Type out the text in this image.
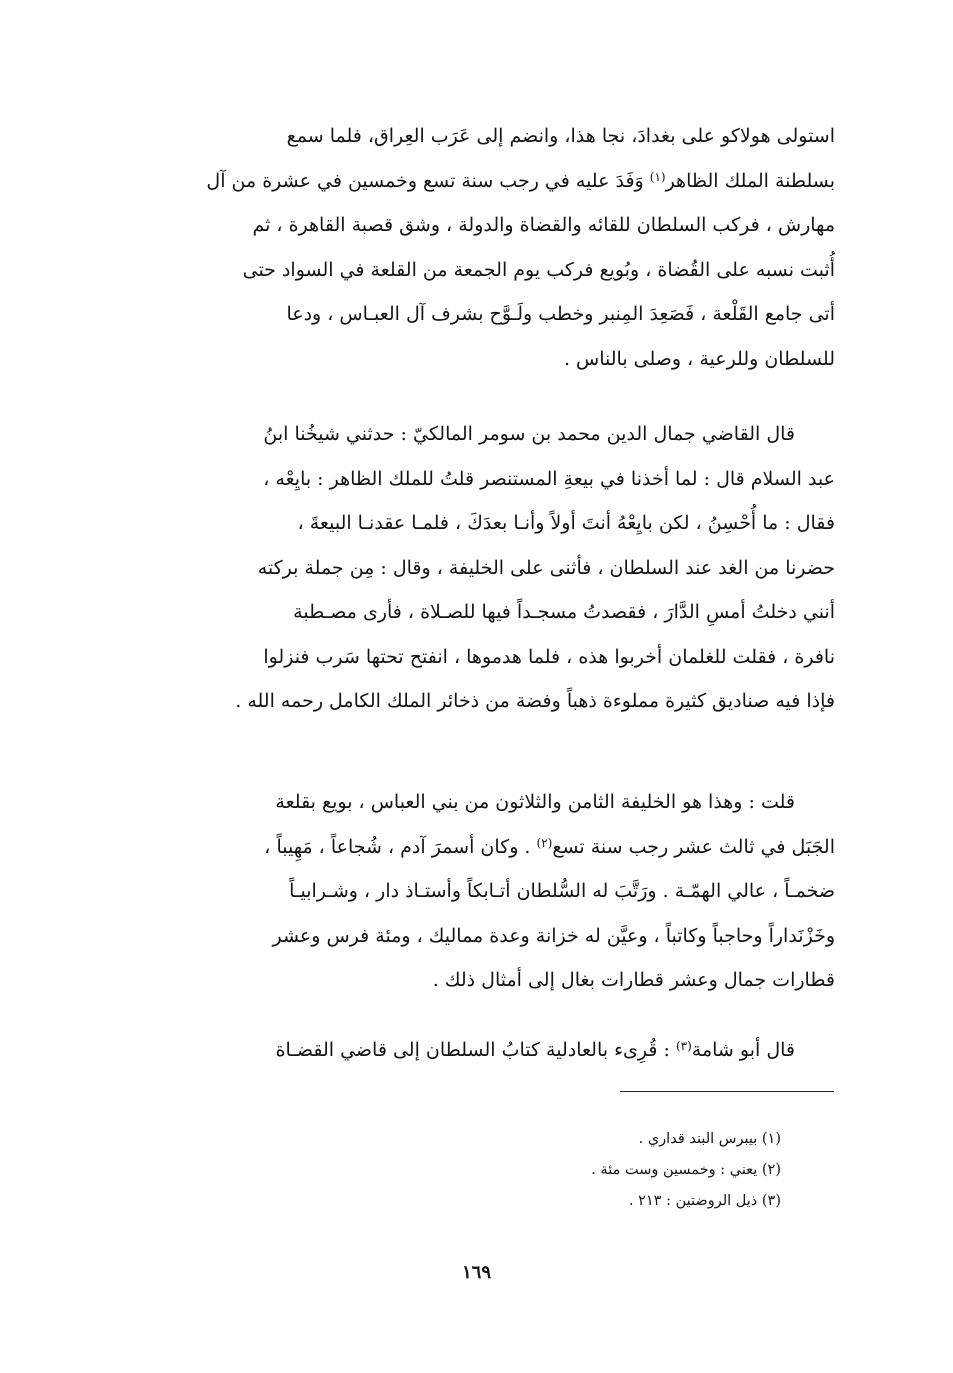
استولى هولاكو على بغدادَ، نجا هذا، وانضم إلى عَرَب العِراق، فلما سمع
بسلطنة الملك الظاهر$^{(١)}$ وَفَدَ عليه في رجب سنة تسع وخمسين في عشرة من آل
مهارش ، فركب السلطان للقائه والقضاة والدولة ، وشق قصبة القاهرة ، ثم
أُثبت نسبه على القُضاة ، وبُويع فركب يوم الجمعة من القلعة في السواد حتى
أتى جامع القَلْعة ، فَصَعِدَ المِنبر وخطب ولَـوَّح بشرف آل العبـاس ، ودعا
للسلطان وللرعية ، وصلى بالناس .
قال القاضي جمال الدين محمد بن سومر المالكيّ : حدثني شيخُنا ابنُ
عبد السلام قال : لما أخذنا في بيعةِ المستنصر قلتُ للملك الظاهر : بايِعْه ،
فقال : ما أُحْسِنُ ، لكن بايِعْهُ أنتَ أولاً وأنـا بعدَكَ ، فلمـا عقدنـا البيعةَ ،
حضرنا من الغد عند السلطان ، فأثنى على الخليفة ، وقال : مِن جملة بركته
أنني دخلتُ أمسِ الدَّارَ ، فقصدتُ مسجـداً فيها للصـلاة ، فأرى مصـطبة
نافرة ، فقلت للغلمان أخربوا هذه ، فلما هدموها ، انفتح تحتها سَرب فنزلوا
فإذا فيه صناديق كثيرة مملوءة ذهباً وفضة من ذخائر الملك الكامل رحمه الله .
قلت : وهذا هو الخليفة الثامن والثلاثون من بني العباس ، بويع بقلعة
الجَبَل في ثالث عشر رجب سنة تسع$^{(٢)}$ . وكان أسمرَ آدم ، شُجاعاً ، مَهِيباً ،
ضخمـاً ، عالي الهمّـة . ورَتَّبَ له السُّلطان أتـابكاً وأستـاذ دار ، وشـرابيـاً
وخَزْنَداراً وحاجباً وكاتباً ، وعيَّن له خزانة وعدة مماليك ، ومئة فرس وعشر
قطارات جمال وعشر قطارات بغال إلى أمثال ذلك .
قال أبو شامة$^{(٣)}$ : قُرِىء بالعادلية كتابُ السلطان إلى قاضي القضـاة
(١) بيبرس البند قداري .
(٢) يعني : وخمسين وست مئة .
(٣) ذيل الروضتين : ٢١٣ .
١٦٩
